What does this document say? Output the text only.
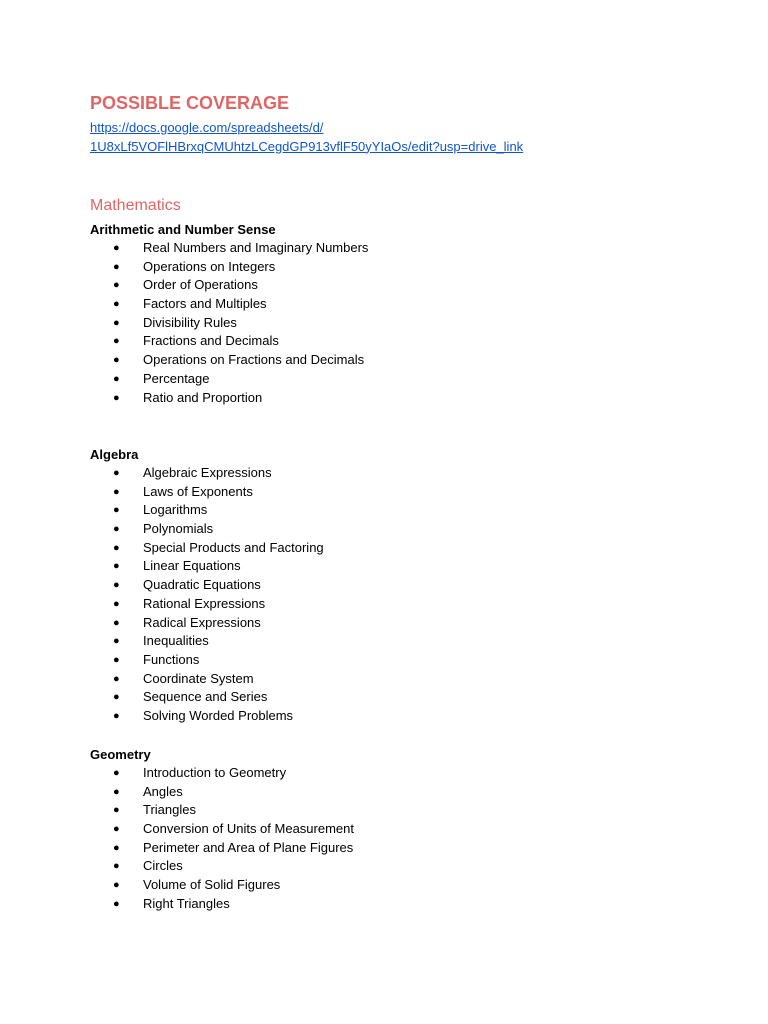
POSSIBLE COVERAGE
https://docs.google.com/spreadsheets/d/
1U8xLf5VOFlHBrxqCMUhtzLCegdGP913vflF50yYIaOs/edit?usp=drive_link
Mathematics
Arithmetic and Number Sense
● Real Numbers and Imaginary Numbers
● Operations on Integers
● Order of Operations
● Factors and Multiples
● Divisibility Rules
● Fractions and Decimals
● Operations on Fractions and Decimals
● Percentage
● Ratio and Proportion
Algebra
● Algebraic Expressions
● Laws of Exponents
● Logarithms
● Polynomials
● Special Products and Factoring
● Linear Equations
● Quadratic Equations
● Rational Expressions
● Radical Expressions
● Inequalities
● Functions
● Coordinate System
● Sequence and Series
● Solving Worded Problems
Geometry
● Introduction to Geometry
● Angles
● Triangles
● Conversion of Units of Measurement
● Perimeter and Area of Plane Figures
● Circles
● Volume of Solid Figures
● Right Triangles
